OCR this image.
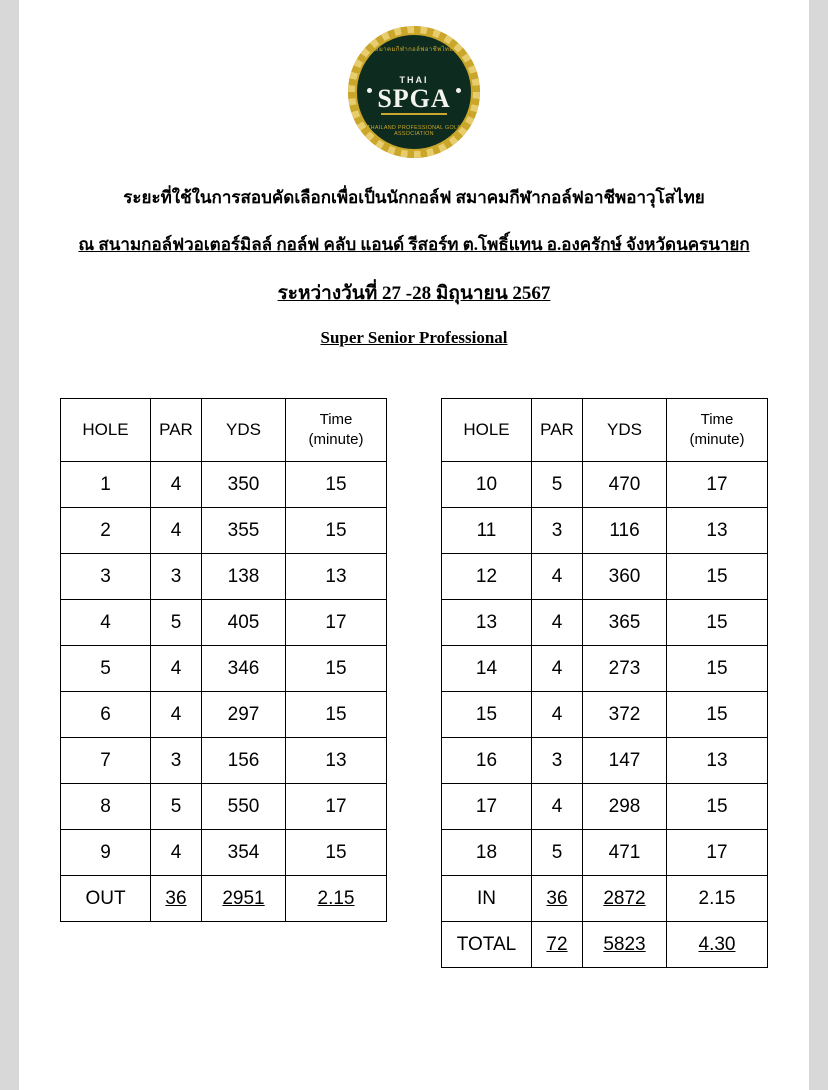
สมาคมกีฬากอล์ฟอาชีพไทย
THAI
SPGA
THAILAND PROFESSIONAL GOLF ASSOCIATION
ระยะที่ใช้ในการสอบคัดเลือกเพื่อเป็นนักกอล์ฟ สมาคมกีฬากอล์ฟอาชีพอาวุโสไทย
ณ สนามกอล์ฟวอเตอร์มิลล์ กอล์ฟ คลับ แอนด์ รีสอร์ท ต.โพธิ์แทน อ.องครักษ์ จังหวัดนครนายก
ระหว่างวันที่ 27 -28 มิถุนายน 2567
Super Senior Professional
HOLE	PAR	YDS	Time
(minute)

1	4	350	15
2	4	355	15
3	3	138	13
4	5	405	17
5	4	346	15
6	4	297	15
7	3	156	13
8	5	550	17
9	4	354	15
OUT	36	2951	2.15
HOLE	PAR	YDS	Time
(minute)

10	5	470	17
11	3	116	13
12	4	360	15
13	4	365	15
14	4	273	15
15	4	372	15
16	3	147	13
17	4	298	15
18	5	471	17
IN	36	2872	2.15
TOTAL	72	5823	4.30
